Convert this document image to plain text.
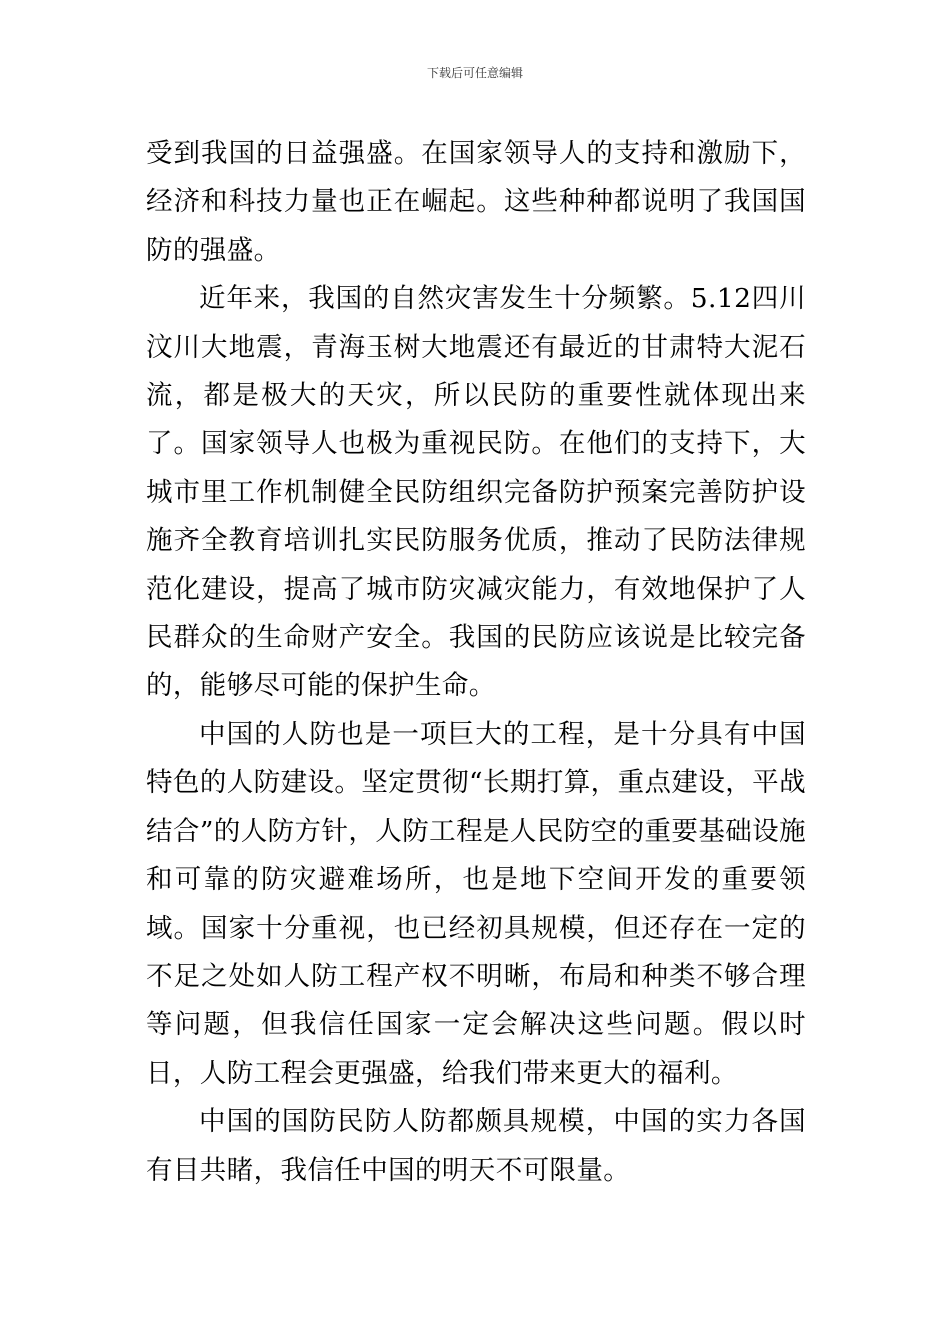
下载后可任意编辑

受到我国的日益强盛。在国家领导人的支持和激励下，经济和科技力量也正在崛起。这些种种都说明了我国国防的强盛。

近年来，我国的自然灾害发生十分频繁。5.12四川汶川大地震，青海玉树大地震还有最近的甘肃特大泥石流，都是极大的天灾，所以民防的重要性就体现出来了。国家领导人也极为重视民防。在他们的支持下，大城市里工作机制健全民防组织完备防护预案完善防护设施齐全教育培训扎实民防服务优质，推动了民防法律规范化建设，提高了城市防灾减灾能力，有效地保护了人民群众的生命财产安全。我国的民防应该说是比较完备的，能够尽可能的保护生命。

中国的人防也是一项巨大的工程，是十分具有中国特色的人防建设。坚定贯彻“长期打算，重点建设，平战结合”的人防方针，人防工程是人民防空的重要基础设施和可靠的防灾避难场所，也是地下空间开发的重要领域。国家十分重视，也已经初具规模，但还存在一定的不足之处如人防工程产权不明晰，布局和种类不够合理等问题，但我信任国家一定会解决这些问题。假以时日，人防工程会更强盛，给我们带来更大的福利。

中国的国防民防人防都颇具规模，中国的实力各国有目共睹，我信任中国的明天不可限量。
